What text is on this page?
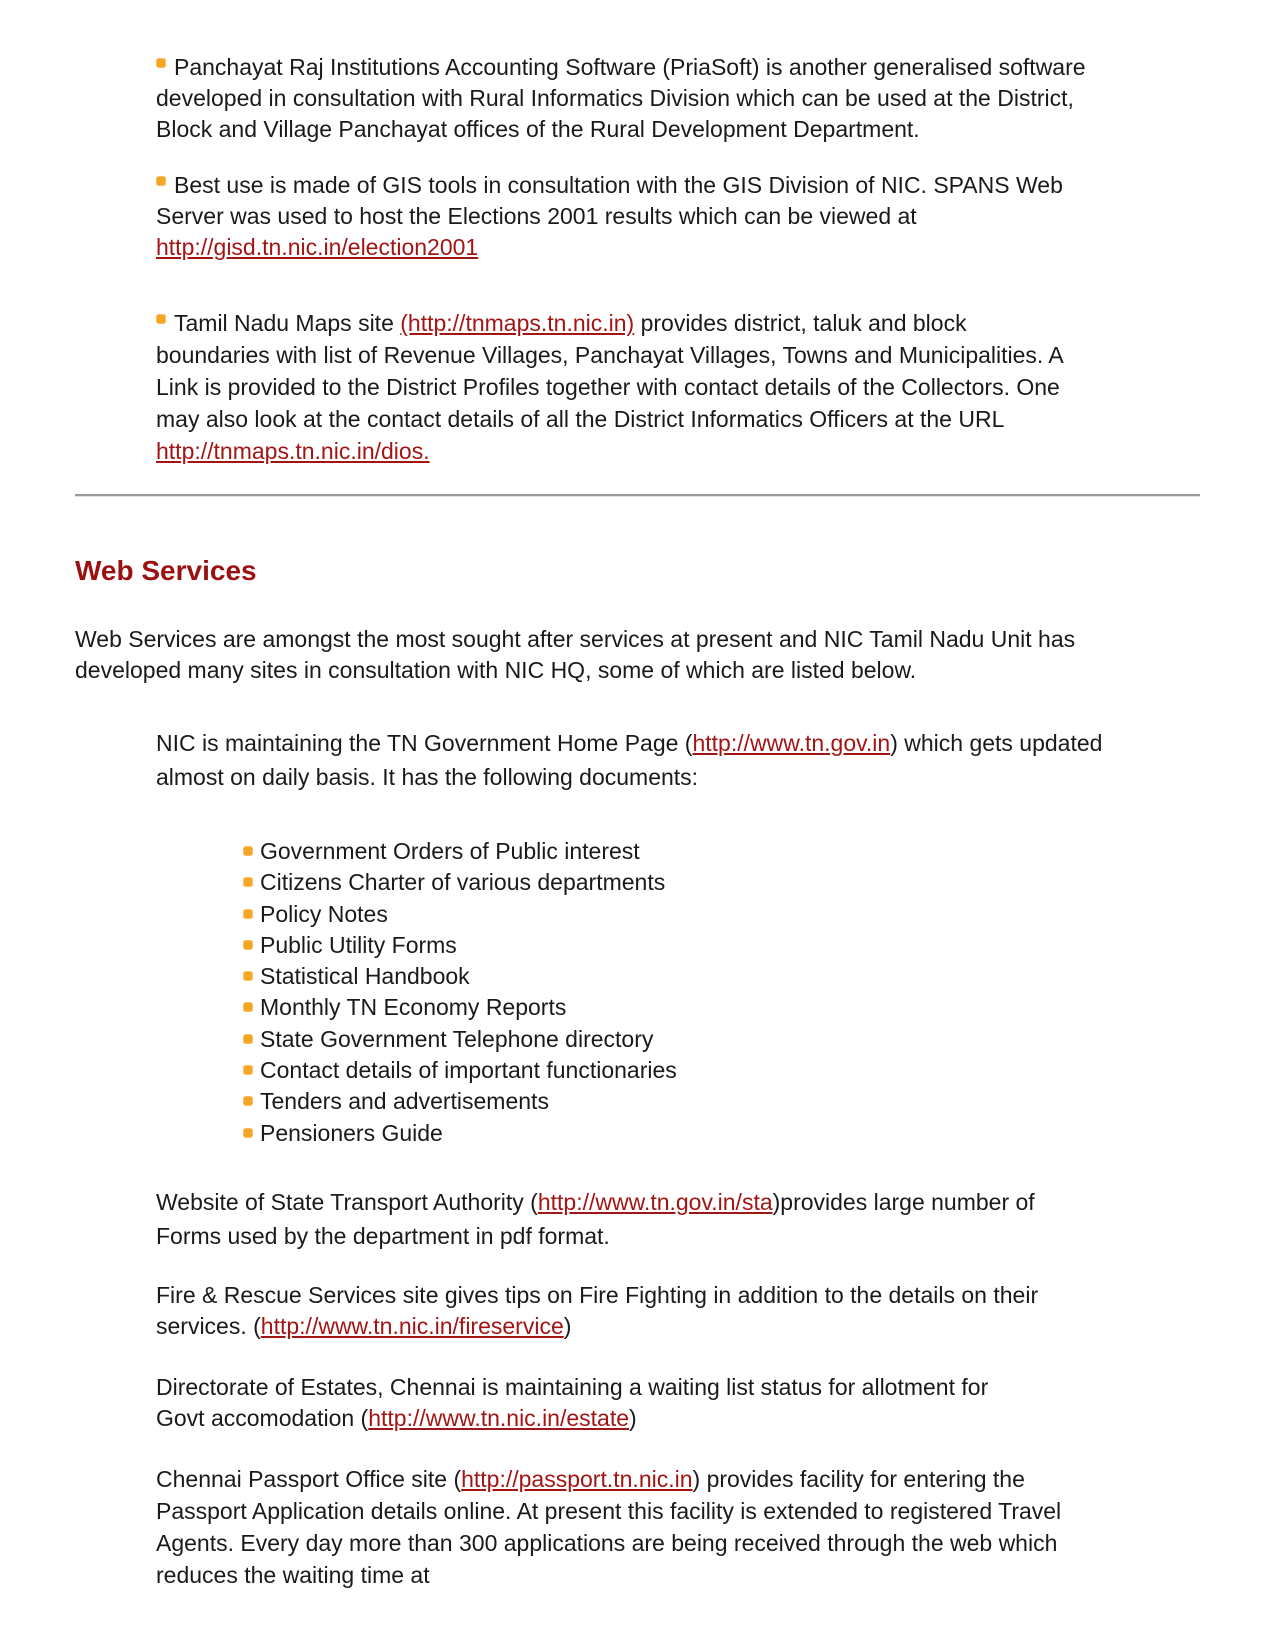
Panchayat Raj Institutions Accounting Software (PriaSoft) is another generalised software developed in consultation with Rural Informatics Division which can be used at the District, Block and Village Panchayat offices of the Rural Development Department.
Best use is made of GIS tools in consultation with the GIS Division of NIC. SPANS Web Server was used to host the Elections 2001 results which can be viewed at
http://gisd.tn.nic.in/election2001
Tamil Nadu Maps site (http://tnmaps.tn.nic.in) provides district, taluk and block boundaries with list of Revenue Villages, Panchayat Villages, Towns and Municipalities. A Link is provided to the District Profiles together with contact details of the Collectors. One may also look at the contact details of all the District Informatics Officers at the URL http://tnmaps.tn.nic.in/dios.
Web Services
Web Services are amongst the most sought after services at present and NIC Tamil Nadu Unit has developed many sites in consultation with NIC HQ, some of which are listed below.
NIC is maintaining the TN Government Home Page (http://www.tn.gov.in) which gets updated almost on daily basis. It has the following documents:
Government Orders of Public interest
Citizens Charter of various departments
Policy Notes
Public Utility Forms
Statistical Handbook
Monthly TN Economy Reports
State Government Telephone directory
Contact details of important functionaries
Tenders and advertisements
Pensioners Guide
Website of State Transport Authority (http://www.tn.gov.in/sta)provides large number of Forms used by the department in pdf format.
Fire & Rescue Services site gives tips on Fire Fighting in addition to the details on their services. (http://www.tn.nic.in/fireservice)
Directorate of Estates, Chennai is maintaining a waiting list status for allotment for Govt accomodation (http://www.tn.nic.in/estate)
Chennai Passport Office site (http://passport.tn.nic.in) provides facility for entering the Passport Application details online. At present this facility is extended to registered Travel Agents. Every day more than 300 applications are being received through the web which reduces the waiting time at
